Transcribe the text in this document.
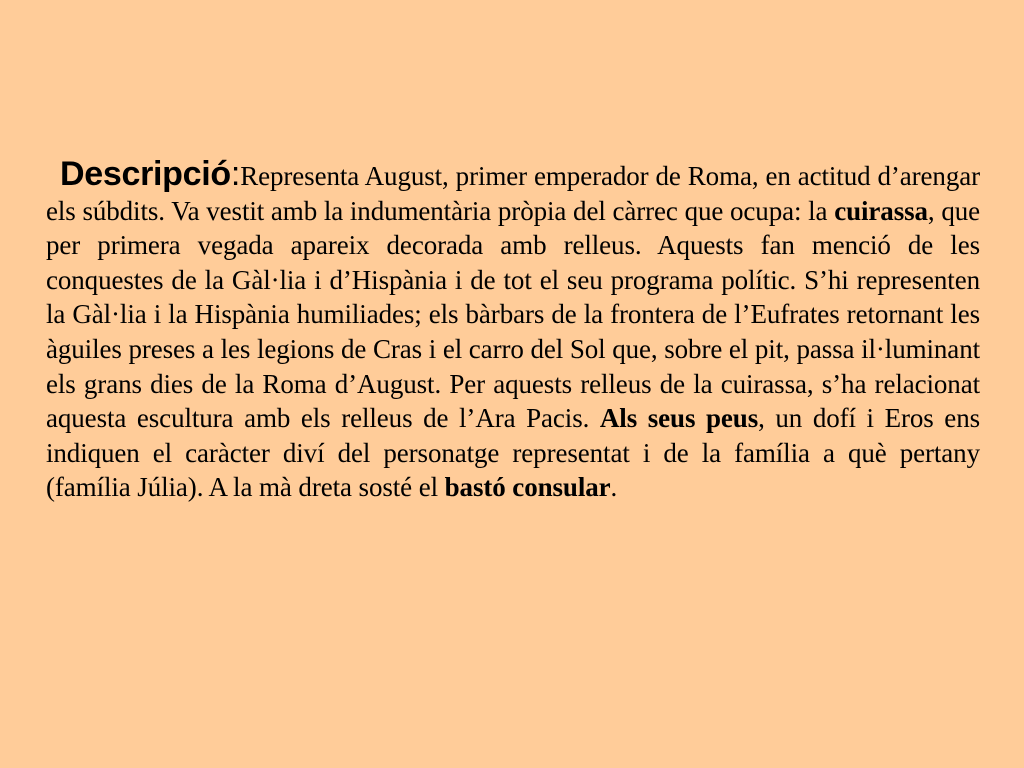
Descripció:Representa August, primer emperador de Roma, en actitud d’arengar els súbdits. Va vestit amb la indumentària pròpia del càrrec que ocupa: la cuirassa, que per primera vegada apareix decorada amb relleus. Aquests fan menció de les conquestes de la Gàl·lia i d’Hispània i de tot el seu programa polític. S’hi representen la Gàl·lia i la Hispània humiliades; els bàrbars de la frontera de l’Eufrates retornant les àguiles preses a les legions de Cras i el carro del Sol que, sobre el pit, passa il·luminant els grans dies de la Roma d’August. Per aquests relleus de la cuirassa, s’ha relacionat aquesta escultura amb els relleus de l’Ara Pacis. Als seus peus, un dofí i Eros ens indiquen el caràcter diví del personatge representat i de la família a què pertany (família Júlia). A la mà dreta sosté el bastó consular.
